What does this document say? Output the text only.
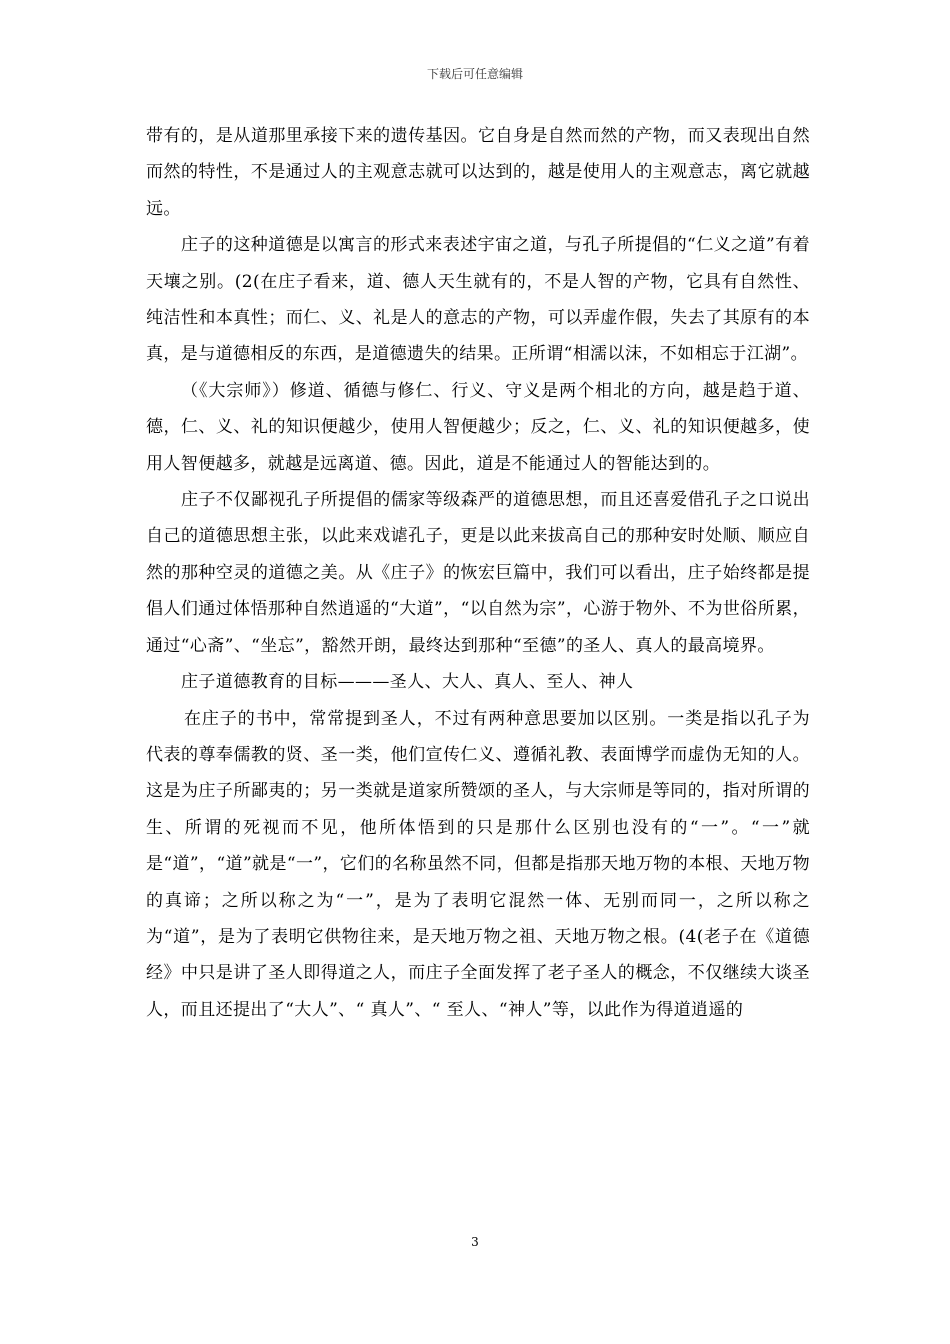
下载后可任意编辑

带有的，是从道那里承接下来的遗传基因。它自身是自然而然的产物，而又表现出自然而然的特性，不是通过人的主观意志就可以达到的，越是使用人的主观意志，离它就越远。

庄子的这种道德是以寓言的形式来表述宇宙之道，与孔子所提倡的“仁义之道”有着天壤之别。(2(在庄子看来，道、德人天生就有的，不是人智的产物，它具有自然性、纯洁性和本真性；而仁、义、礼是人的意志的产物，可以弄虚作假，失去了其原有的本真，是与道德相反的东西，是道德遗失的结果。正所谓“相濡以沫，不如相忘于江湖”。

（《大宗师》）修道、循德与修仁、行义、守义是两个相北的方向，越是趋于道、德，仁、义、礼的知识便越少，使用人智便越少；反之，仁、义、礼的知识便越多，使用人智便越多，就越是远离道、德。因此，道是不能通过人的智能达到的。

庄子不仅鄙视孔子所提倡的儒家等级森严的道德思想，而且还喜爱借孔子之口说出自己的道德思想主张，以此来戏谑孔子，更是以此来拔高自己的那种安时处顺、顺应自然的那种空灵的道德之美。从《庄子》的恢宏巨篇中，我们可以看出，庄子始终都是提倡人们通过体悟那种自然逍遥的“大道”，“以自然为宗”，心游于物外、不为世俗所累，通过“心斋”、“坐忘”，豁然开朗，最终达到那种“至德”的圣人、真人的最高境界。

庄子道德教育的目标———圣人、大人、真人、至人、神人

在庄子的书中，常常提到圣人，不过有两种意思要加以区别。一类是指以孔子为代表的尊奉儒教的贤、圣一类，他们宣传仁义、遵循礼教、表面博学而虚伪无知的人。这是为庄子所鄙夷的；另一类就是道家所赞颂的圣人，与大宗师是等同的，指对所谓的生、所谓的死视而不见，他所体悟到的只是那什么区别也没有的“一”。“一”就是“道”，“道”就是“一”，它们的名称虽然不同，但都是指那天地万物的本根、天地万物的真谛；之所以称之为“一”，是为了表明它混然一体、无别而同一，之所以称之为“道”，是为了表明它供物往来，是天地万物之祖、天地万物之根。(4(老子在《道德经》中只是讲了圣人即得道之人，而庄子全面发挥了老子圣人的概念，不仅继续大谈圣人，而且还提出了“大人”、“ 真人”、“ 至人、“神人”等，以此作为得道逍遥的

3
